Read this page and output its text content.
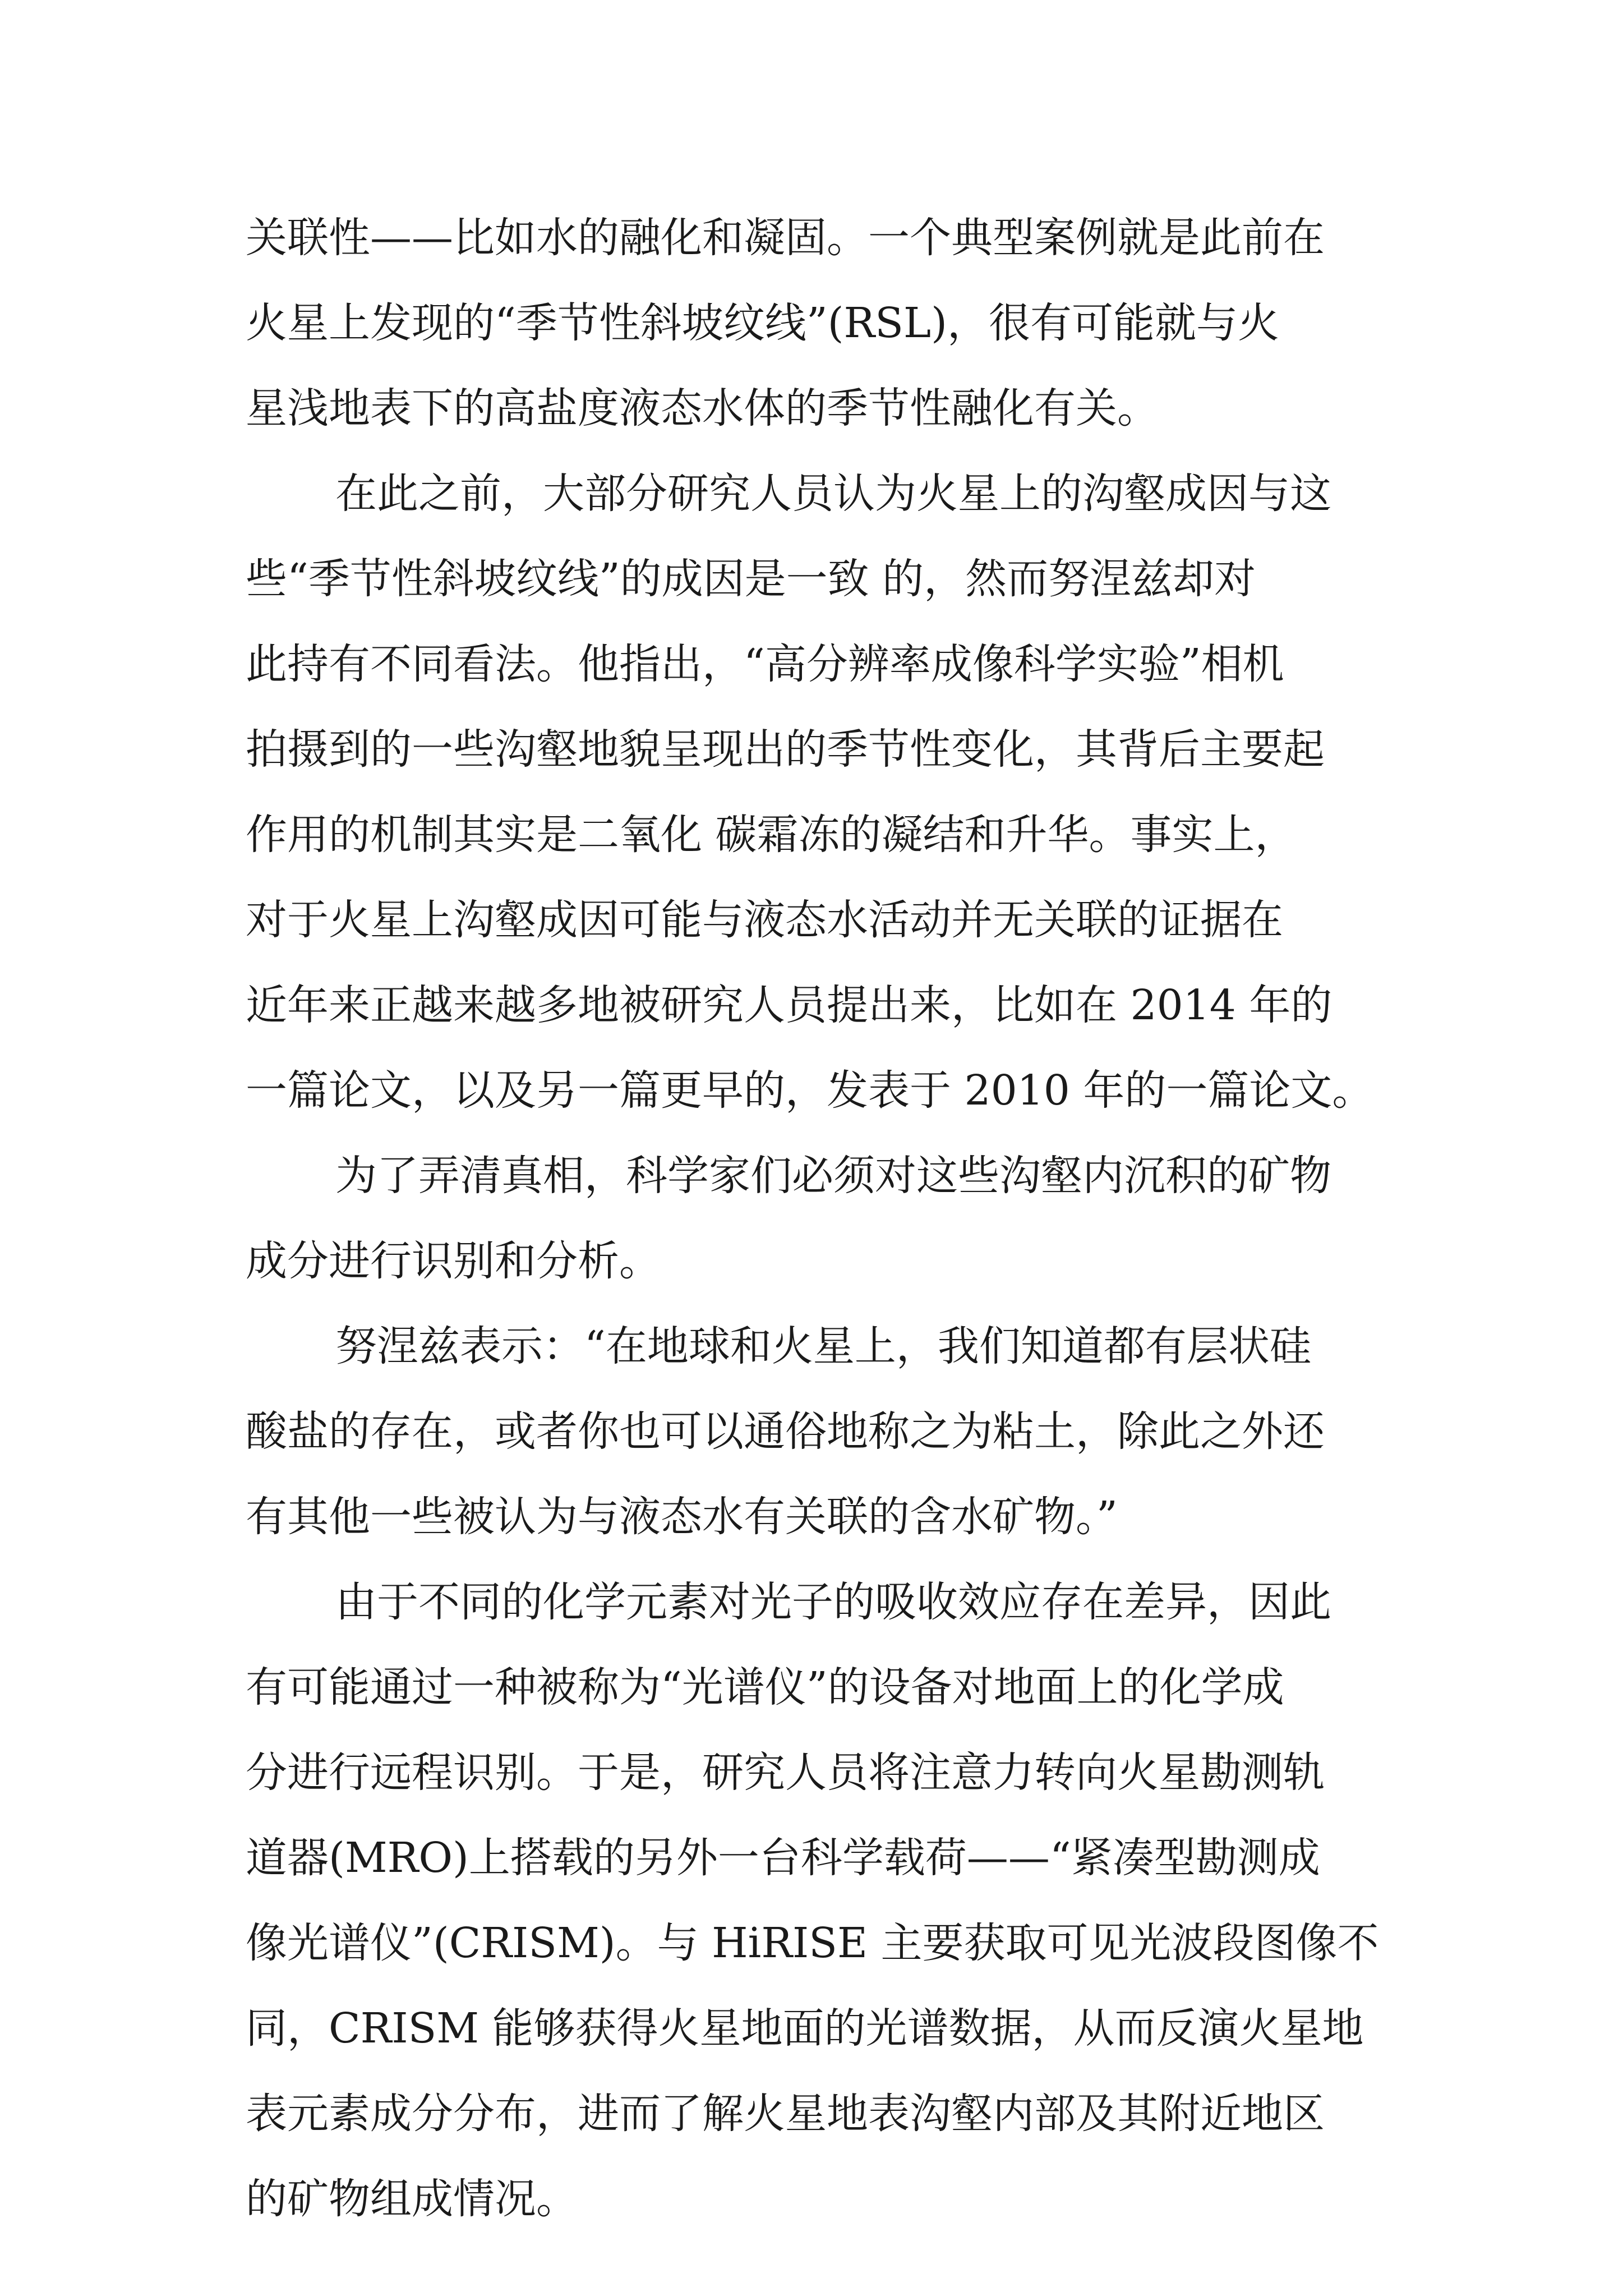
关联性——比如水的融化和凝固。一个典型案例就是此前在
火星上发现的“季节性斜坡纹线”(RSL)，很有可能就与火
星浅地表下的高盐度液态水体的季节性融化有关。

在此之前，大部分研究人员认为火星上的沟壑成因与这
些“季节性斜坡纹线”的成因是一致 的，然而努涅兹却对
此持有不同看法。他指出，“高分辨率成像科学实验”相机
拍摄到的一些沟壑地貌呈现出的季节性变化，其背后主要起
作用的机制其实是二氧化 碳霜冻的凝结和升华。事实上，
对于火星上沟壑成因可能与液态水活动并无关联的证据在
近年来正越来越多地被研究人员提出来，比如在 2014 年的
一篇论文，以及另一篇更早的，发表于 2010 年的一篇论文。

为了弄清真相，科学家们必须对这些沟壑内沉积的矿物
成分进行识别和分析。

努涅兹表示：“在地球和火星上，我们知道都有层状硅
酸盐的存在，或者你也可以通俗地称之为粘土，除此之外还
有其他一些被认为与液态水有关联的含水矿物。”

由于不同的化学元素对光子的吸收效应存在差异，因此
有可能通过一种被称为“光谱仪”的设备对地面上的化学成
分进行远程识别。于是，研究人员将注意力转向火星勘测轨
道器(MRO)上搭载的另外一台科学载荷——“紧凑型勘测成
像光谱仪”(CRISM)。与 HiRISE 主要获取可见光波段图像不
同，CRISM 能够获得火星地面的光谱数据，从而反演火星地
表元素成分分布，进而了解火星地表沟壑内部及其附近地区
的矿物组成情况。
